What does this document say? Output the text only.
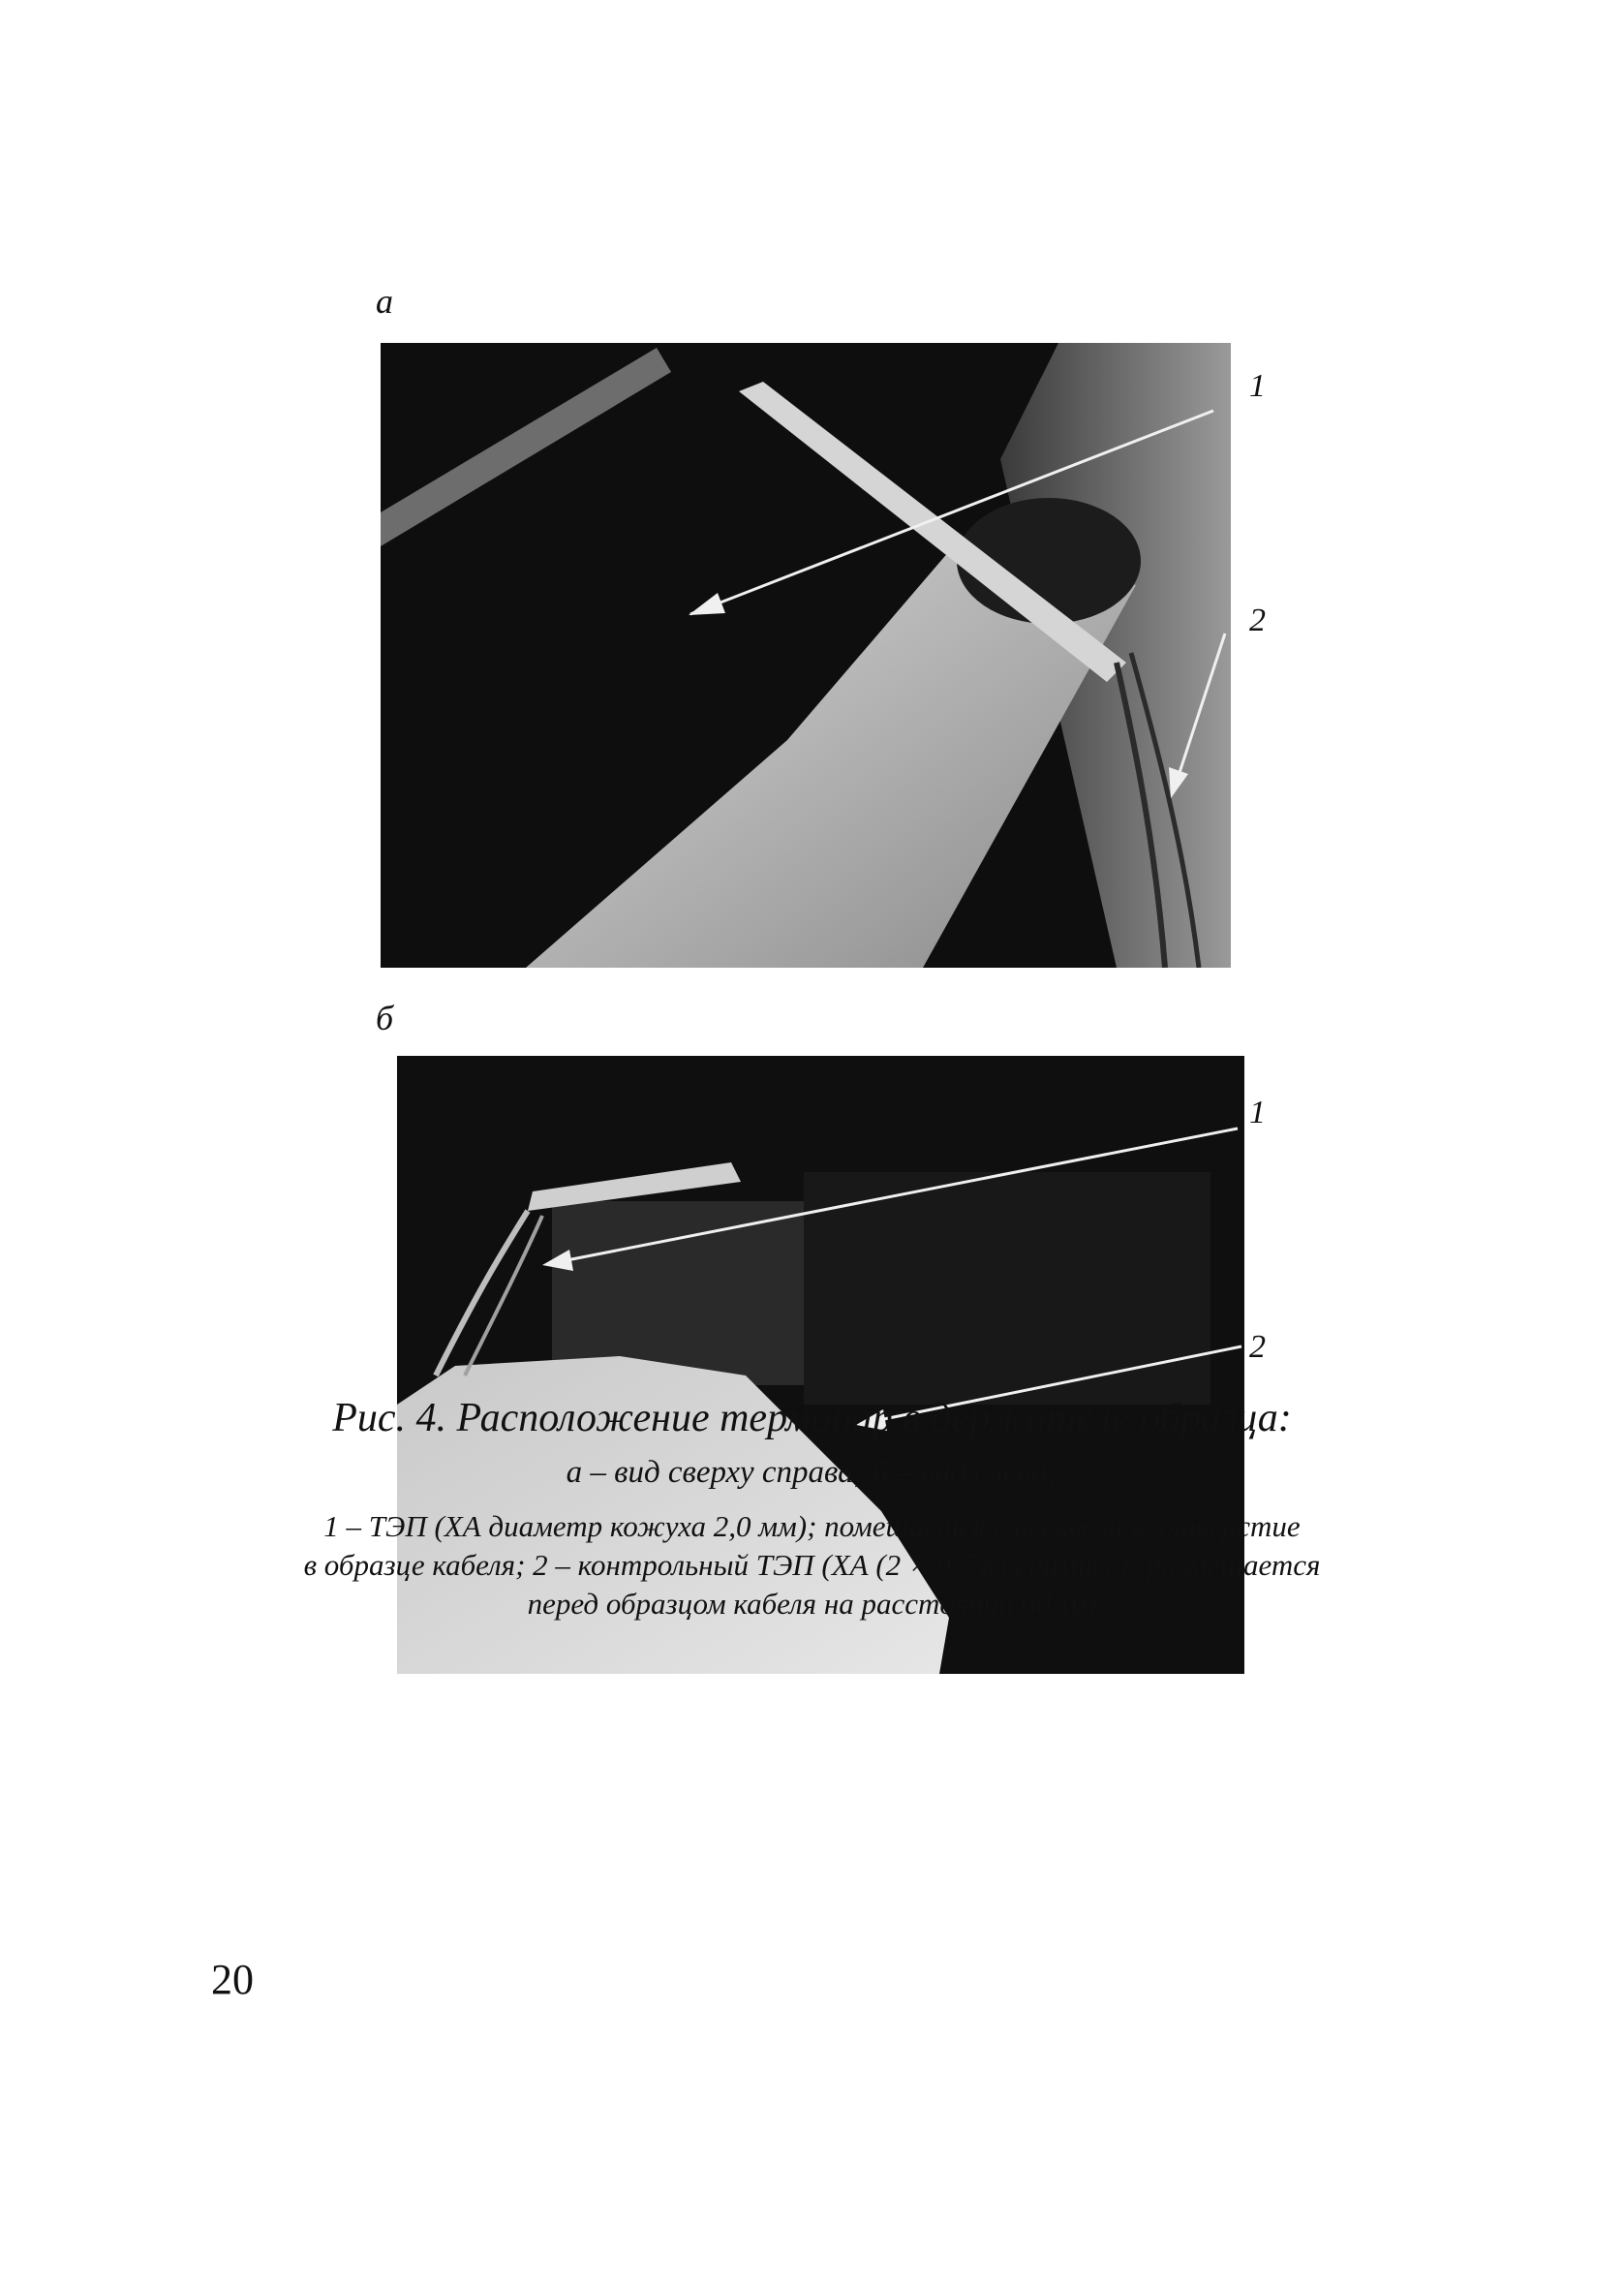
а
1
2
б
1
2
Рис. 4. Расположение термопар в держателе образца:
а – вид сверху справа; б – вид слева;
1 – ТЭП (ХА диаметр кожуха 2,0 мм); помещается в несквозное отверстие
в образце кабеля; 2 – контрольный ТЭП (ХА (2 × 0,7 в керамике); размещается
перед образцом кабеля на расстоянии 60 мм
20
